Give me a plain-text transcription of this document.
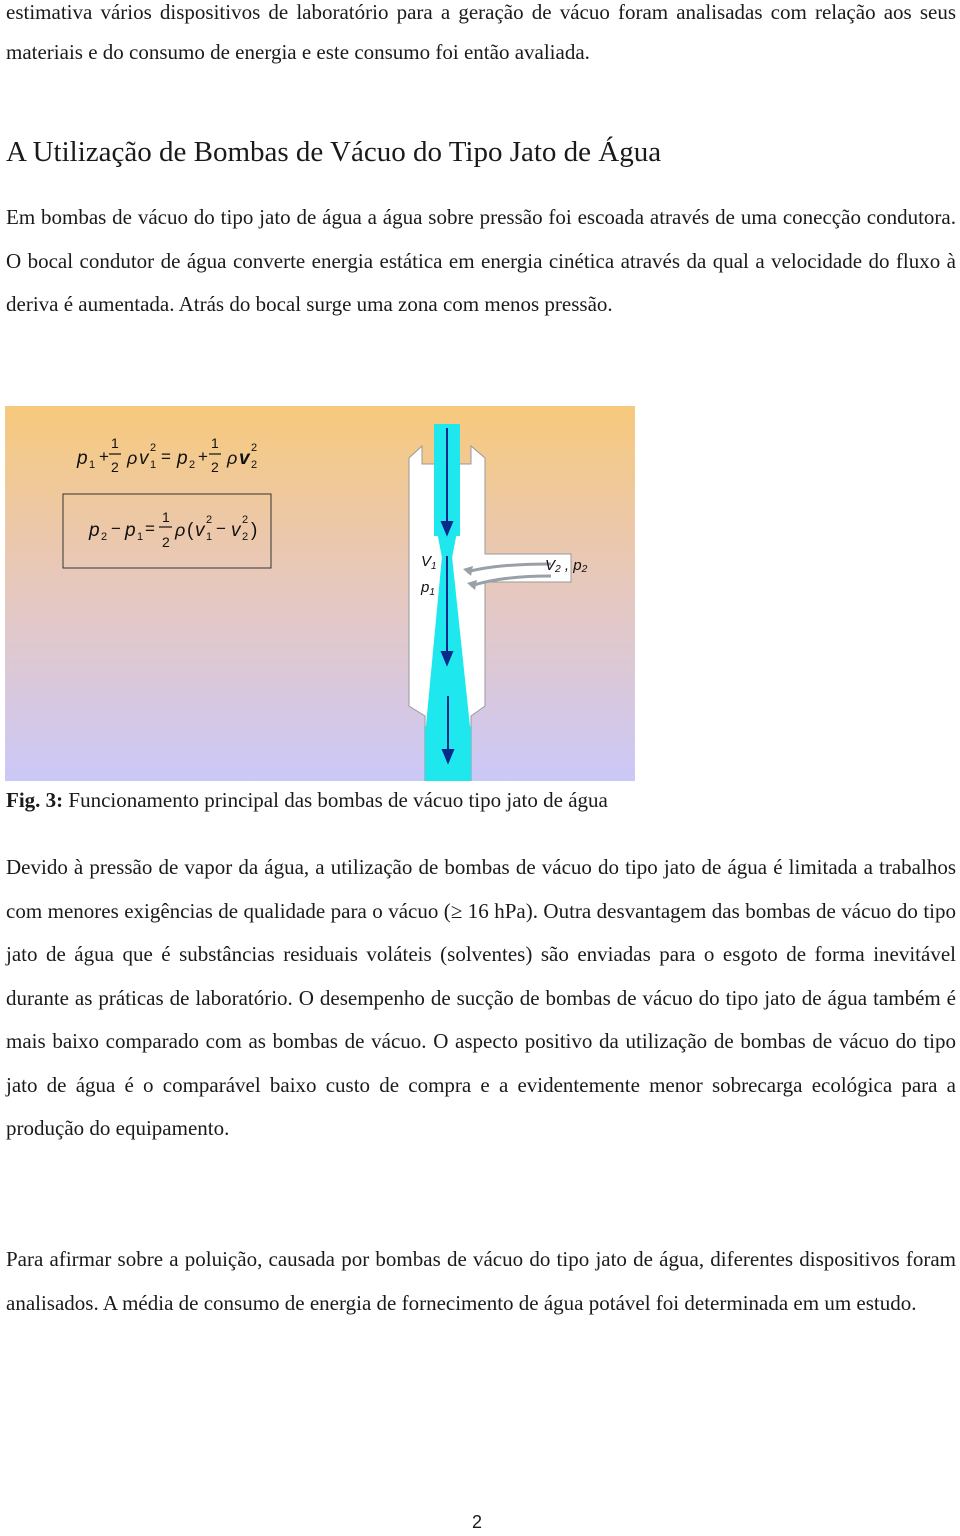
estimativa vários dispositivos de laboratório para a geração de vácuo foram analisadas com relação aos seus materiais e do consumo de energia e este consumo foi então avaliada.

A Utilização de Bombas de Vácuo do Tipo Jato de Água

Em bombas de vácuo do tipo jato de água a água sobre pressão foi escoada através de uma conecção condutora. O bocal condutor de água converte energia estática em energia cinética através da qual a velocidade do fluxo à deriva é aumentada. Atrás do bocal surge uma zona com menos pressão.

p 1 +
1
2 ρ v 2
1 = p 2 +
1
2 ρ v 2
2
p 2 − p 1 =
1
2
ρ ( v 2
1 − v 2
2 )
$V_1$
$p_1$
V₂ , p₂

Fig. 3: Funcionamento principal das bombas de vácuo tipo jato de água

Devido à pressão de vapor da água, a utilização de bombas de vácuo do tipo jato de água é limitada a trabalhos com menores exigências de qualidade para o vácuo (≥ 16 hPa). Outra desvantagem das bombas de vácuo do tipo jato de água que é substâncias residuais voláteis (solventes) são enviadas para o esgoto de forma inevitável durante as práticas de laboratório. O desempenho de sucção de bombas de vácuo do tipo jato de água também é mais baixo comparado com as bombas de vácuo. O aspecto positivo da utilização de bombas de vácuo do tipo jato de água é o comparável baixo custo de compra e a evidentemente menor sobrecarga ecológica para a produção do equipamento.

Para afirmar sobre a poluição, causada por bombas de vácuo do tipo jato de água, diferentes dispositivos foram analisados. A média de consumo de energia de fornecimento de água potável foi determinada em um estudo.

2
